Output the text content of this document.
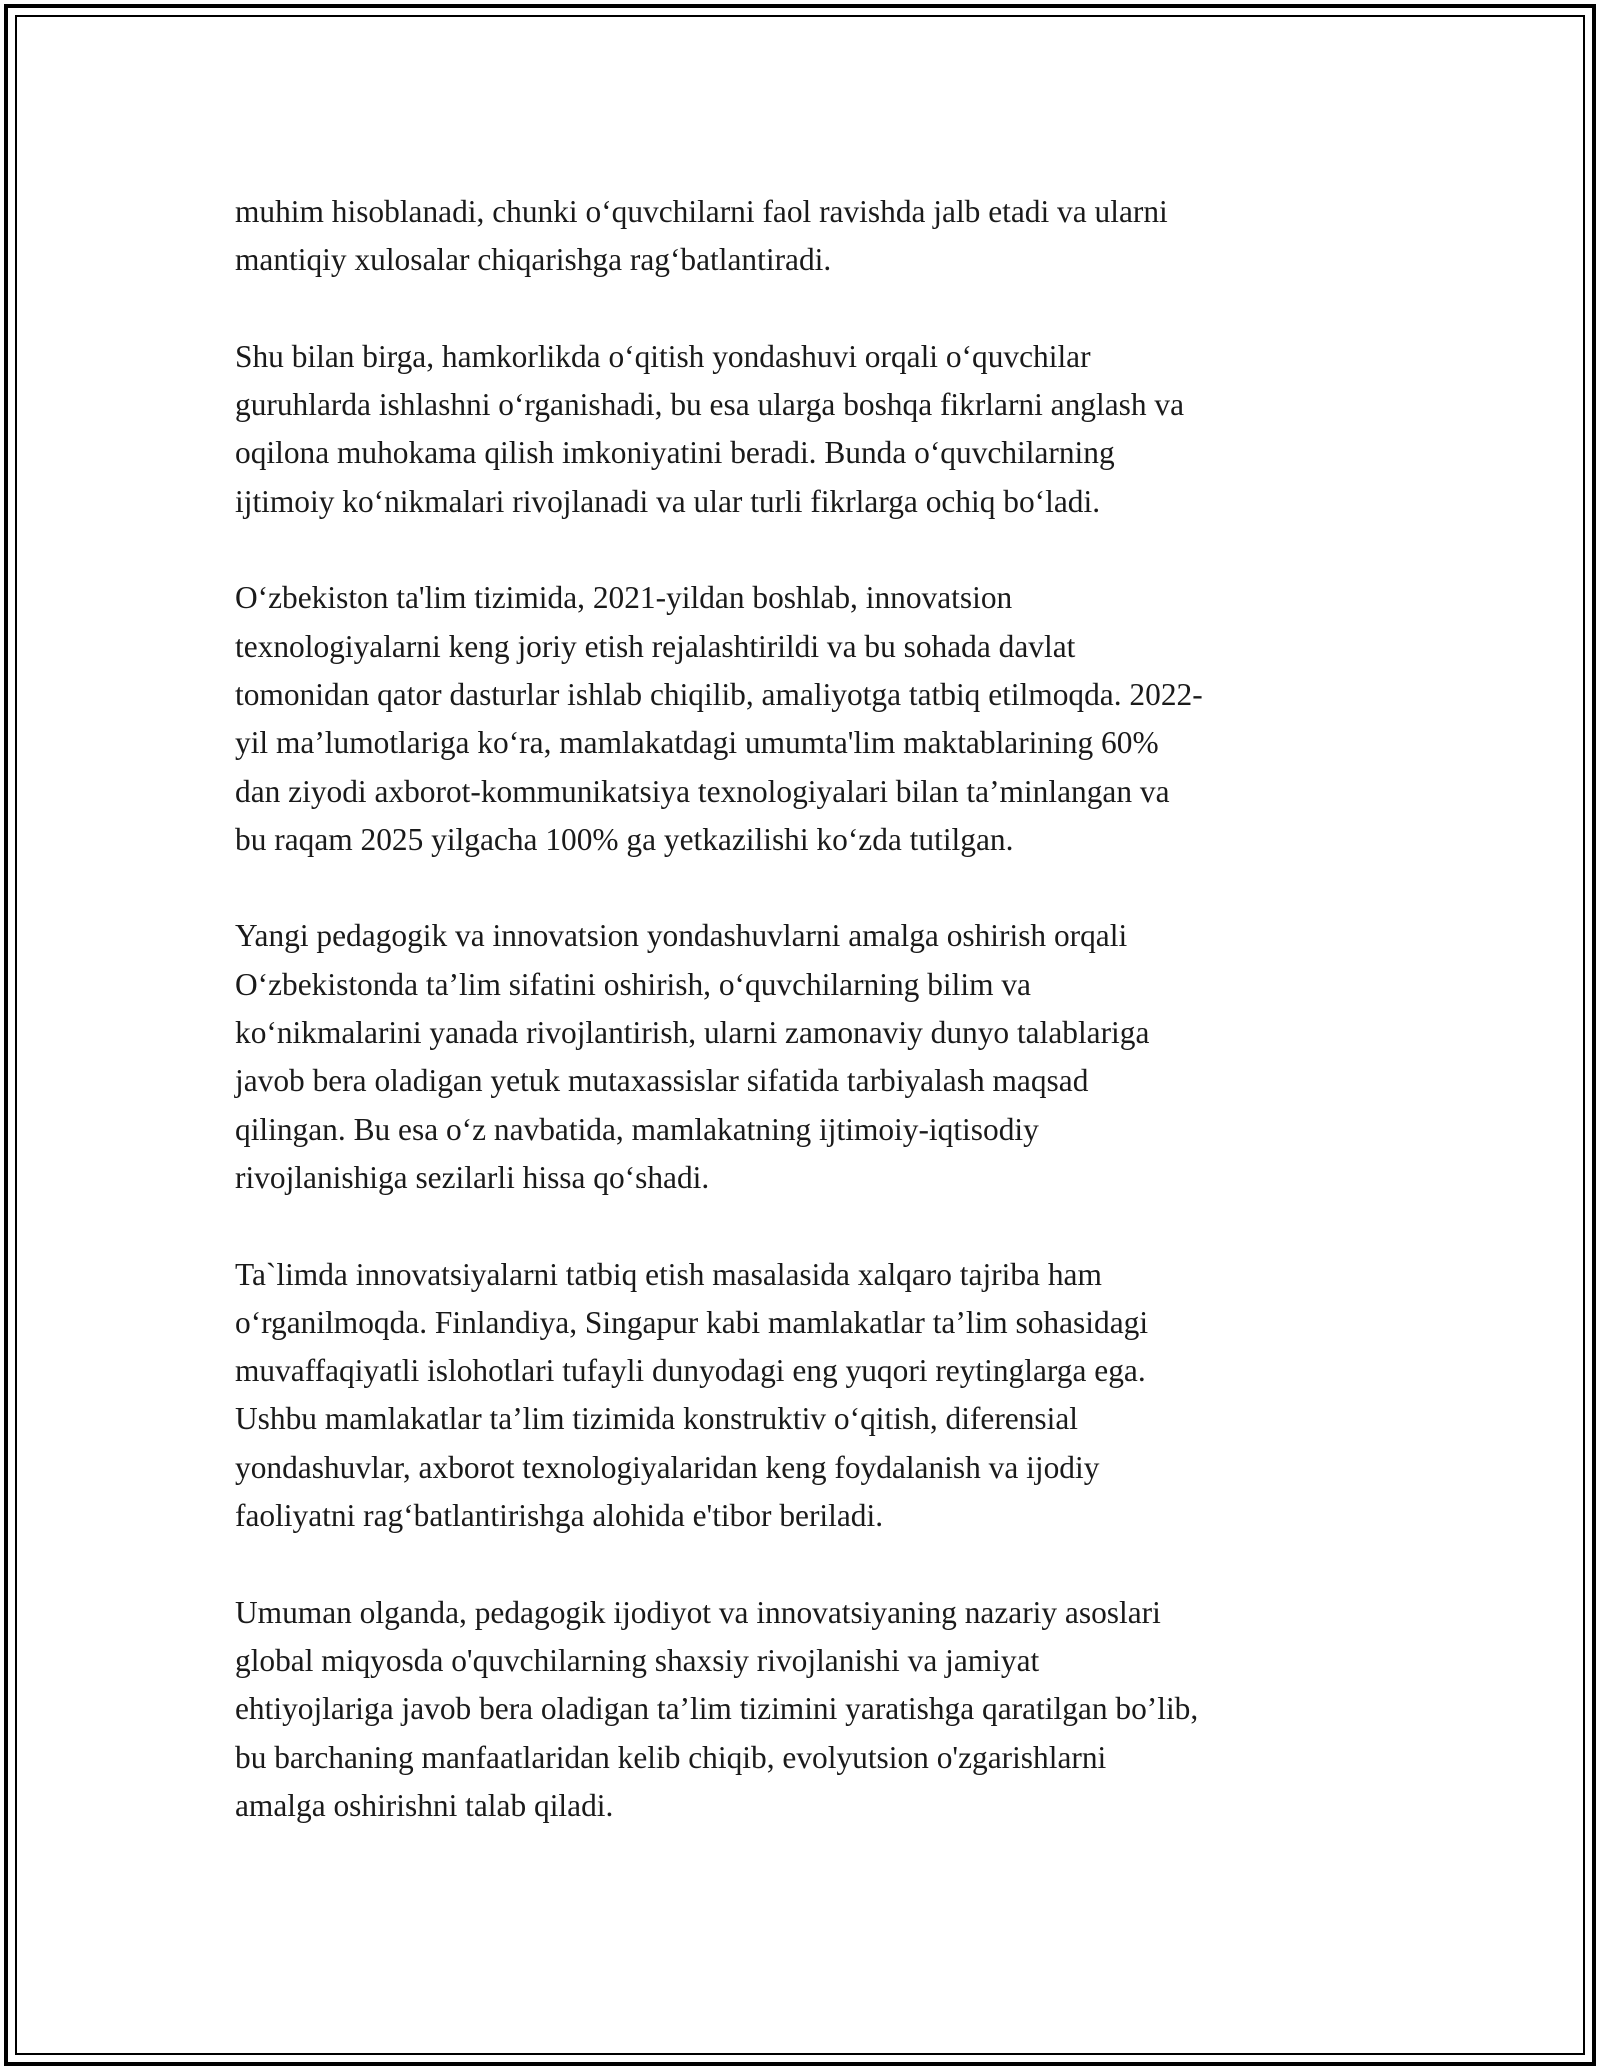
muhim hisoblanadi, chunki o‘quvchilarni faol ravishda jalb etadi va ularni
mantiqiy xulosalar chiqarishga rag‘batlantiradi.

Shu bilan birga, hamkorlikda o‘qitish yondashuvi orqali o‘quvchilar
guruhlarda ishlashni o‘rganishadi, bu esa ularga boshqa fikrlarni anglash va
oqilona muhokama qilish imkoniyatini beradi. Bunda o‘quvchilarning
ijtimoiy ko‘nikmalari rivojlanadi va ular turli fikrlarga ochiq bo‘ladi.

O‘zbekiston ta'lim tizimida, 2021-yildan boshlab, innovatsion
texnologiyalarni keng joriy etish rejalashtirildi va bu sohada davlat
tomonidan qator dasturlar ishlab chiqilib, amaliyotga tatbiq etilmoqda. 2022-
yil ma’lumotlariga ko‘ra, mamlakatdagi umumta'lim maktablarining 60%
dan ziyodi axborot-kommunikatsiya texnologiyalari bilan ta’minlangan va
bu raqam 2025 yilgacha 100% ga yetkazilishi ko‘zda tutilgan.

Yangi pedagogik va innovatsion yondashuvlarni amalga oshirish orqali
O‘zbekistonda ta’lim sifatini oshirish, o‘quvchilarning bilim va
ko‘nikmalarini yanada rivojlantirish, ularni zamonaviy dunyo talablariga
javob bera oladigan yetuk mutaxassislar sifatida tarbiyalash maqsad
qilingan. Bu esa o‘z navbatida, mamlakatning ijtimoiy-iqtisodiy
rivojlanishiga sezilarli hissa qo‘shadi.

Ta`limda innovatsiyalarni tatbiq etish masalasida xalqaro tajriba ham
o‘rganilmoqda. Finlandiya, Singapur kabi mamlakatlar ta’lim sohasidagi
muvaffaqiyatli islohotlari tufayli dunyodagi eng yuqori reytinglarga ega.
Ushbu mamlakatlar ta’lim tizimida konstruktiv o‘qitish, diferensial
yondashuvlar, axborot texnologiyalaridan keng foydalanish va ijodiy
faoliyatni rag‘batlantirishga alohida e'tibor beriladi.

Umuman olganda, pedagogik ijodiyot va innovatsiyaning nazariy asoslari
global miqyosda o'quvchilarning shaxsiy rivojlanishi va jamiyat
ehtiyojlariga javob bera oladigan ta’lim tizimini yaratishga qaratilgan bo’lib,
bu barchaning manfaatlaridan kelib chiqib, evolyutsion o'zgarishlarni
amalga oshirishni talab qiladi.
